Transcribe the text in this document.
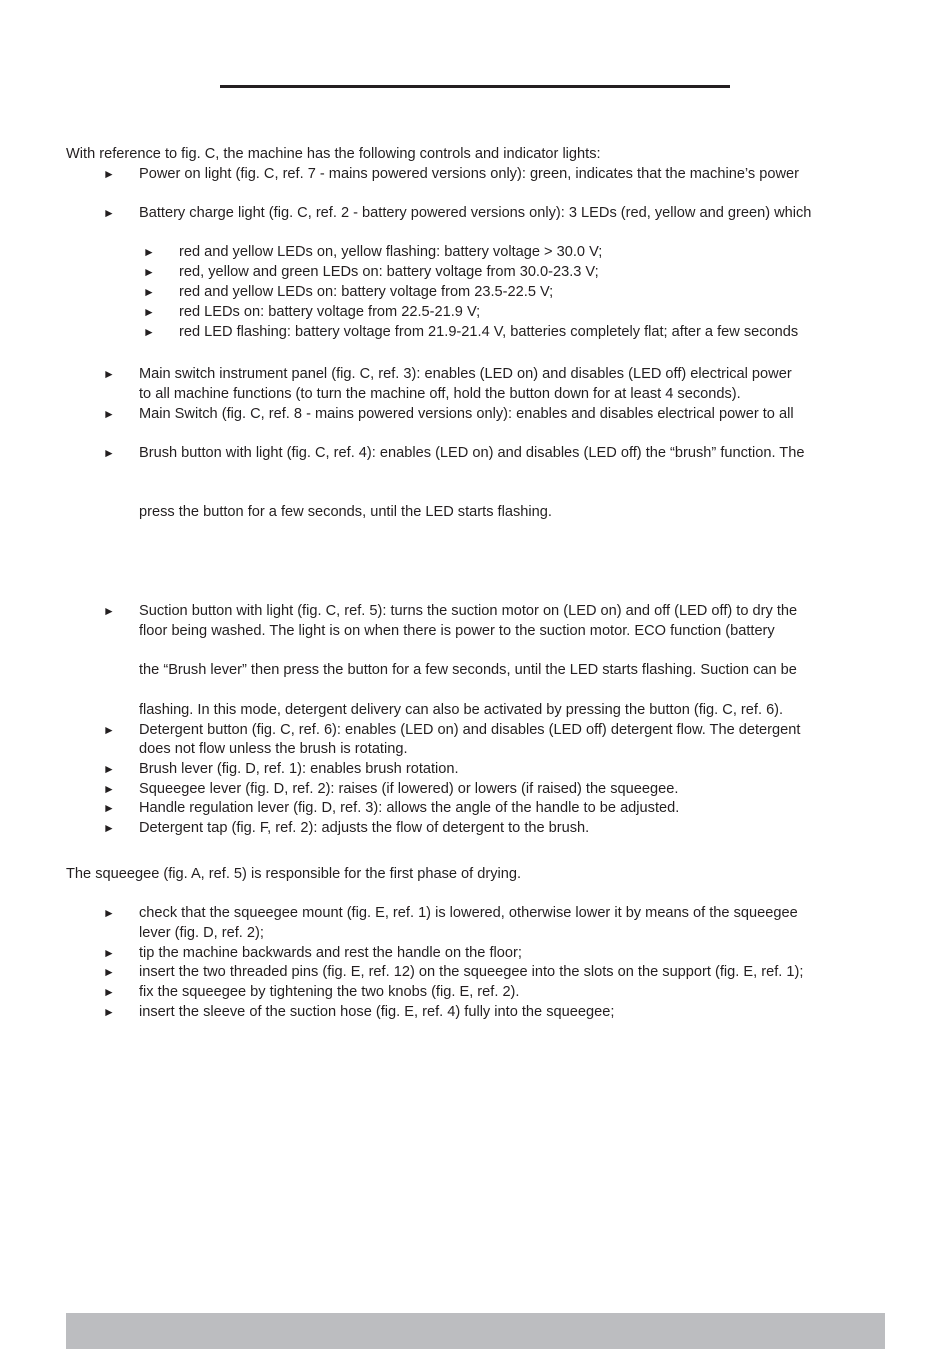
With reference to fig. C, the machine has the following controls and indicator lights:
► Power on light (fig. C, ref. 7 - mains powered versions only): green, indicates that the machine’s power
► Battery charge light (fig. C, ref. 2 - battery powered versions only): 3 LEDs (red, yellow and green) which
► red and yellow LEDs on, yellow flashing: battery voltage > 30.0 V;
► red, yellow and green LEDs on: battery voltage from 30.0-23.3 V;
► red and yellow LEDs on: battery voltage from 23.5-22.5 V;
► red LEDs on: battery voltage from 22.5-21.9 V;
► red LED flashing: battery voltage from 21.9-21.4 V, batteries completely flat; after a few seconds
► Main switch instrument panel (fig. C, ref. 3): enables (LED on) and disables (LED off) electrical power
to all machine functions (to turn the machine off, hold the button down for at least 4 seconds).
► Main Switch (fig. C, ref. 8 - mains powered versions only): enables and disables electrical power to all
► Brush button with light (fig. C, ref. 4): enables (LED on) and disables (LED off) the “brush” function. The
press the button for a few seconds, until the LED starts flashing.
► Suction button with light (fig. C, ref. 5): turns the suction motor on (LED on) and off (LED off) to dry the
floor being washed. The light is on when there is power to the suction motor. ECO function (battery
the “Brush lever” then press the button for a few seconds, until the LED starts flashing. Suction can be
flashing. In this mode, detergent delivery can also be activated by pressing the button (fig. C, ref. 6).
► Detergent button (fig. C, ref. 6): enables (LED on) and disables (LED off) detergent flow. The detergent
does not flow unless the brush is rotating.
► Brush lever (fig. D, ref. 1): enables brush rotation.
► Squeegee lever (fig. D, ref. 2): raises (if lowered) or lowers (if raised) the squeegee.
► Handle regulation lever (fig. D, ref. 3): allows the angle of the handle to be adjusted.
► Detergent tap (fig. F, ref. 2): adjusts the flow of detergent to the brush.
The squeegee (fig. A, ref. 5) is responsible for the first phase of drying.
► check that the squeegee mount (fig. E, ref. 1) is lowered, otherwise lower it by means of the squeegee
lever (fig. D, ref. 2);
► tip the machine backwards and rest the handle on the floor;
► insert the two threaded pins (fig. E, ref. 12) on the squeegee into the slots on the support (fig. E, ref. 1);
► fix the squeegee by tightening the two knobs (fig. E, ref. 2).
► insert the sleeve of the suction hose (fig. E, ref. 4) fully into the squeegee;
